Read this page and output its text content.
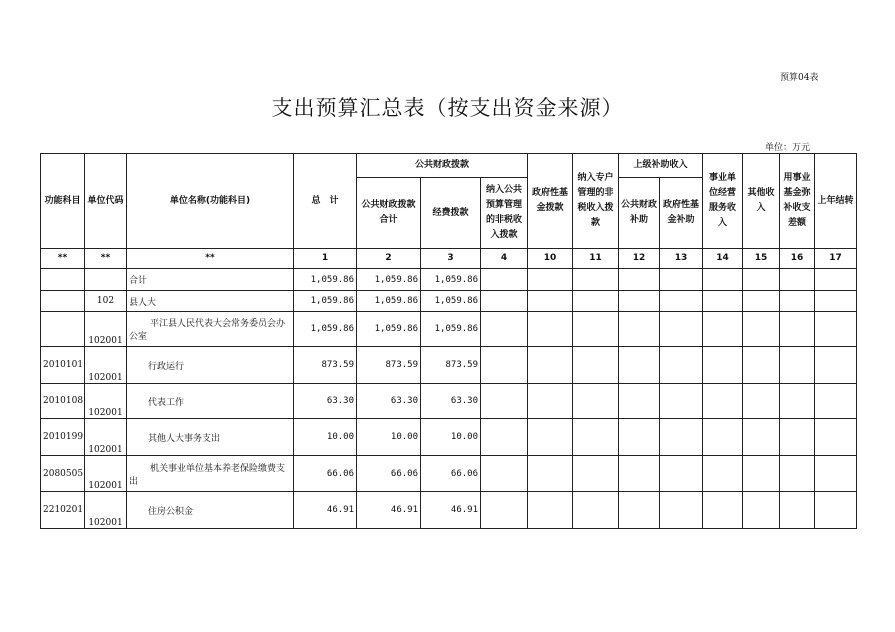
预算04表
支出预算汇总表（按支出资金来源）
单位：万元
功能科目	单位代码	单位名称(功能科目)	总　计	公共财政拨款			政府性基金拨款	纳入专户管理的非税收入拨款	上级补助收入		事业单位经营服务收入	其他收入	用事业基金弥补收支差额	上年结转
				公共财政拨款合计	经费拨款	纳入公共预算管理的非税收入拨款			公共财政补助	政府性基金补助				
**	**	**	1	2	3	4	10	11	12	13	14	15	16	17
		合计	1,059.86	1,059.86	1,059.86									
	102	县人大	1,059.86	1,059.86	1,059.86									
	102001	平江县人民代表大会常务委员会办公室	1,059.86	1,059.86	1,059.86									
2010101	102001	行政运行	873.59	873.59	873.59									
2010108	102001	代表工作	63.30	63.30	63.30									
2010199	102001	其他人大事务支出	10.00	10.00	10.00									
2080505	102001	机关事业单位基本养老保险缴费支出	66.06	66.06	66.06									
2210201	102001	住房公积金	46.91	46.91	46.91									
